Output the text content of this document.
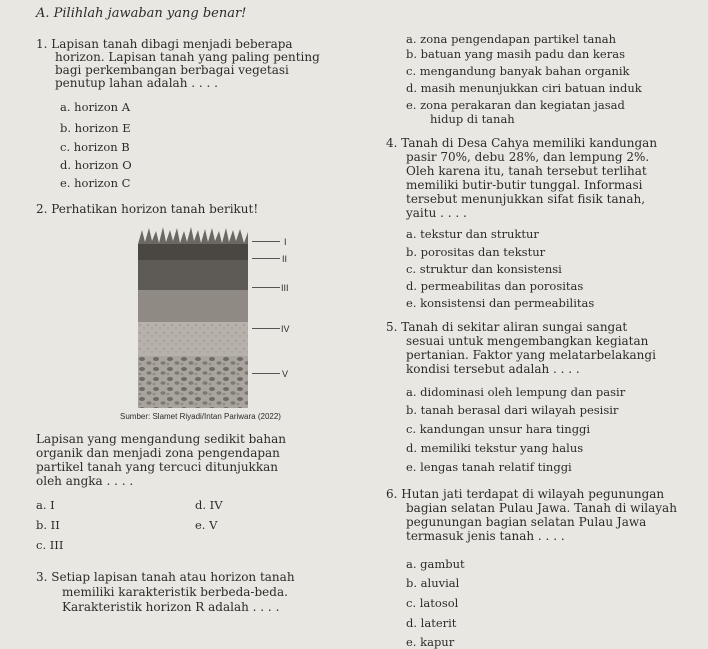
A. Pilihlah jawaban yang benar!
1. Lapisan tanah dibagi menjadi beberapa
horizon. Lapisan tanah yang paling penting
bagi perkembangan berbagai vegetasi
penutup lahan adalah . . . .
a. horizon A
b. horizon E
c. horizon B
d. horizon O
e. horizon C
2. Perhatikan horizon tanah berikut!
I
II
III
IV
V
Sumber: Slamet Riyadi/Intan Pariwara (2022)
Lapisan yang mengandung sedikit bahan
organik dan menjadi zona pengendapan
partikel tanah yang tercuci ditunjukkan
oleh angka . . . .
a. I
b. II
c. III
d. IV
e. V
3. Setiap lapisan tanah atau horizon tanah
memiliki karakteristik berbeda-beda.
Karakteristik horizon R adalah . . . .
a. zona pengendapan partikel tanah
b. batuan yang masih padu dan keras
c. mengandung banyak bahan organik
d. masih menunjukkan ciri batuan induk
e. zona perakaran dan kegiatan jasad
hidup di tanah
4. Tanah di Desa Cahya memiliki kandungan
pasir 70%, debu 28%, dan lempung 2%.
Oleh karena itu, tanah tersebut terlihat
memiliki butir-butir tunggal. Informasi
tersebut menunjukkan sifat fisik tanah,
yaitu . . . .
a. tekstur dan struktur
b. porositas dan tekstur
c. struktur dan konsistensi
d. permeabilitas dan porositas
e. konsistensi dan permeabilitas
5. Tanah di sekitar aliran sungai sangat
sesuai untuk mengembangkan kegiatan
pertanian. Faktor yang melatarbelakangi
kondisi tersebut adalah . . . .
a. didominasi oleh lempung dan pasir
b. tanah berasal dari wilayah pesisir
c. kandungan unsur hara tinggi
d. memiliki tekstur yang halus
e. lengas tanah relatif tinggi
6. Hutan jati terdapat di wilayah pegunungan
bagian selatan Pulau Jawa. Tanah di wilayah
pegunungan bagian selatan Pulau Jawa
termasuk jenis tanah . . . .
a. gambut
b. aluvial
c. latosol
d. laterit
e. kapur
